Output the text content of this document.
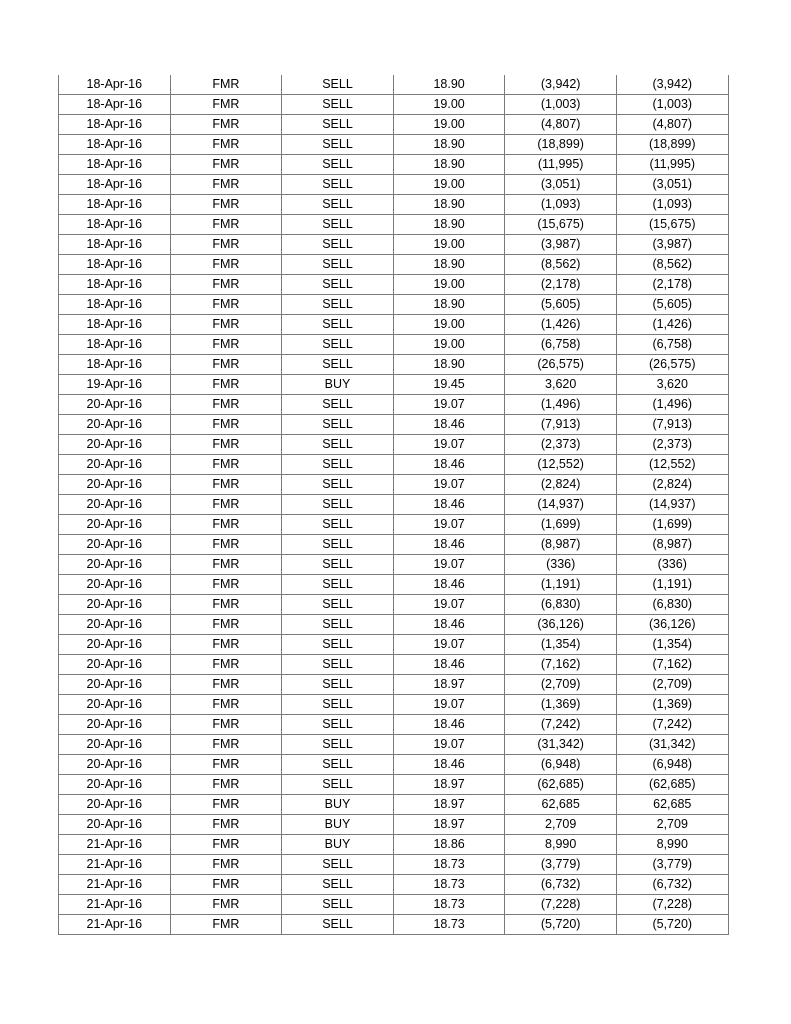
18-Apr-16	FMR	SELL	18.90	(3,942)	(3,942)
18-Apr-16	FMR	SELL	19.00	(1,003)	(1,003)
18-Apr-16	FMR	SELL	19.00	(4,807)	(4,807)
18-Apr-16	FMR	SELL	18.90	(18,899)	(18,899)
18-Apr-16	FMR	SELL	18.90	(11,995)	(11,995)
18-Apr-16	FMR	SELL	19.00	(3,051)	(3,051)
18-Apr-16	FMR	SELL	18.90	(1,093)	(1,093)
18-Apr-16	FMR	SELL	18.90	(15,675)	(15,675)
18-Apr-16	FMR	SELL	19.00	(3,987)	(3,987)
18-Apr-16	FMR	SELL	18.90	(8,562)	(8,562)
18-Apr-16	FMR	SELL	19.00	(2,178)	(2,178)
18-Apr-16	FMR	SELL	18.90	(5,605)	(5,605)
18-Apr-16	FMR	SELL	19.00	(1,426)	(1,426)
18-Apr-16	FMR	SELL	19.00	(6,758)	(6,758)
18-Apr-16	FMR	SELL	18.90	(26,575)	(26,575)
19-Apr-16	FMR	BUY	19.45	3,620	3,620
20-Apr-16	FMR	SELL	19.07	(1,496)	(1,496)
20-Apr-16	FMR	SELL	18.46	(7,913)	(7,913)
20-Apr-16	FMR	SELL	19.07	(2,373)	(2,373)
20-Apr-16	FMR	SELL	18.46	(12,552)	(12,552)
20-Apr-16	FMR	SELL	19.07	(2,824)	(2,824)
20-Apr-16	FMR	SELL	18.46	(14,937)	(14,937)
20-Apr-16	FMR	SELL	19.07	(1,699)	(1,699)
20-Apr-16	FMR	SELL	18.46	(8,987)	(8,987)
20-Apr-16	FMR	SELL	19.07	(336)	(336)
20-Apr-16	FMR	SELL	18.46	(1,191)	(1,191)
20-Apr-16	FMR	SELL	19.07	(6,830)	(6,830)
20-Apr-16	FMR	SELL	18.46	(36,126)	(36,126)
20-Apr-16	FMR	SELL	19.07	(1,354)	(1,354)
20-Apr-16	FMR	SELL	18.46	(7,162)	(7,162)
20-Apr-16	FMR	SELL	18.97	(2,709)	(2,709)
20-Apr-16	FMR	SELL	19.07	(1,369)	(1,369)
20-Apr-16	FMR	SELL	18.46	(7,242)	(7,242)
20-Apr-16	FMR	SELL	19.07	(31,342)	(31,342)
20-Apr-16	FMR	SELL	18.46	(6,948)	(6,948)
20-Apr-16	FMR	SELL	18.97	(62,685)	(62,685)
20-Apr-16	FMR	BUY	18.97	62,685	62,685
20-Apr-16	FMR	BUY	18.97	2,709	2,709
21-Apr-16	FMR	BUY	18.86	8,990	8,990
21-Apr-16	FMR	SELL	18.73	(3,779)	(3,779)
21-Apr-16	FMR	SELL	18.73	(6,732)	(6,732)
21-Apr-16	FMR	SELL	18.73	(7,228)	(7,228)
21-Apr-16	FMR	SELL	18.73	(5,720)	(5,720)
